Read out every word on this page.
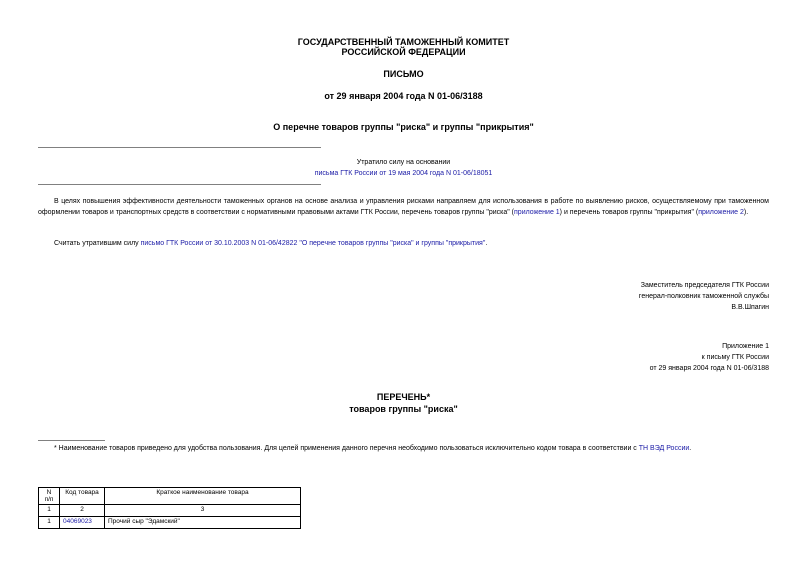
ГОСУДАРСТВЕННЫЙ ТАМОЖЕННЫЙ КОМИТЕТ
РОССИЙСКОЙ ФЕДЕРАЦИИ
ПИСЬМО
от 29 января 2004 года N 01-06/3188
О перечне товаров группы "риска" и группы "прикрытия"
Утратило силу на основании
письма ГТК России от 19 мая 2004 года N 01-06/18051
В целях повышения эффективности деятельности таможенных органов на основе анализа и управления рисками направляем для использования в работе по выявлению рисков, осуществляемому при таможенном оформлении товаров и транспортных средств в соответствии с нормативными правовыми актами ГТК России, перечень товаров группы "риска" (приложение 1) и перечень товаров группы "прикрытия" (приложение 2).
Считать утратившим силу письмо ГТК России от 30.10.2003 N 01-06/42822 "О перечне товаров группы "риска" и группы "прикрытия".
Заместитель председателя ГТК России
генерал-полковник таможенной службы
В.В.Шпагин
Приложение 1
к письму ГТК России
от 29 января 2004 года N 01-06/3188
ПЕРЕЧЕНЬ*
товаров группы "риска"
* Наименование товаров приведено для удобства пользования. Для целей применения данного перечня необходимо пользоваться исключительно кодом товара в соответствии с ТН ВЭД России.
N
п/п	Код товара	Краткое наименование товара
1	2	3
1	04069023	Прочий сыр "Эдамский"
